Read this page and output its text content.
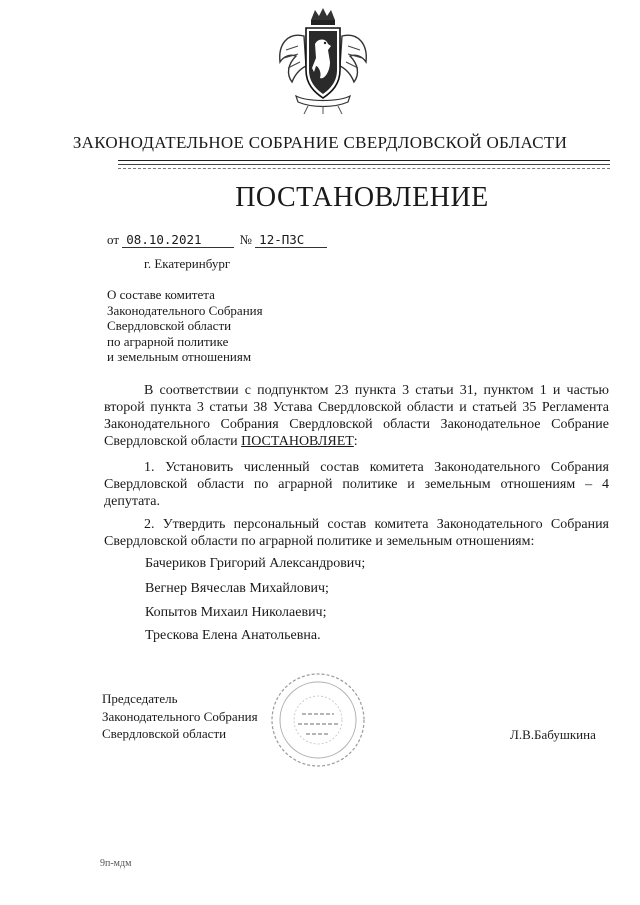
ЗАКОНОДАТЕЛЬНОЕ СОБРАНИЕ СВЕРДЛОВСКОЙ ОБЛАСТИ
ПОСТАНОВЛЕНИЕ
от 08.10.2021	№ 12-ПЗС
г. Екатеринбург
О составе комитета
Законодательного Собрания
Свердловской области
по аграрной политике
и земельным отношениям
В соответствии с подпунктом 23 пункта 3 статьи 31, пунктом 1 и частью второй пункта 3 статьи 38 Устава Свердловской области и статьей 35 Регламента Законодательного Собрания Свердловской области Законодательное Собрание Свердловской области ПОСТАНОВЛЯЕТ:
1. Установить численный состав комитета Законодательного Собрания Свердловской области по аграрной политике и земельным отношениям – 4 депутата.
2. Утвердить персональный состав комитета Законодательного Собрания Свердловской области по аграрной политике и земельным отношениям:
Бачериков Григорий Александрович;
Вегнер Вячеслав Михайлович;
Копытов Михаил Николаевич;
Трескова Елена Анатольевна.
Председатель
Законодательного Собрания
Свердловской области	Л.В.Бабушкина
9п-мдм
